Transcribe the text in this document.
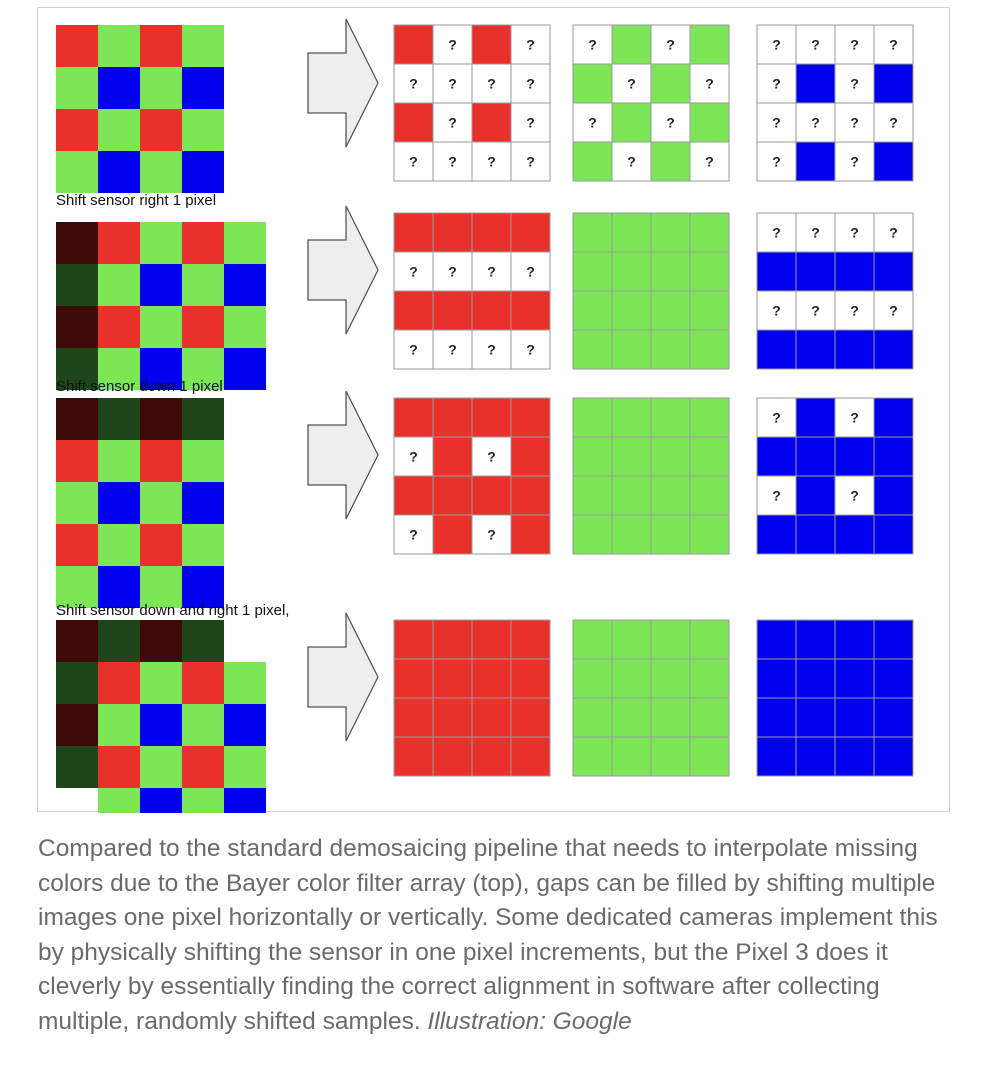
?	?
? ? ? ?
?	?
? ? ? ?
?	?
?	?
?	?
?	?
? ? ? ?
?	?
? ? ? ?
?	?
? ? ? ?
? ? ? ?
? ? ? ?
? ? ? ?
?	?
?	?
?	?
?	?
Shift sensor right 1 pixel
Shift sensor down 1 pixel
Shift sensor down and right 1 pixel,

Compared to the standard demosaicing pipeline that needs to interpolate missing colors due to the Bayer color filter array (top), gaps can be filled by shifting multiple images one pixel horizontally or vertically. Some dedicated cameras implement this by physically shifting the sensor in one pixel increments, but the Pixel 3 does it cleverly by essentially finding the correct alignment in software after collecting multiple, randomly shifted samples. Illustration: Google
